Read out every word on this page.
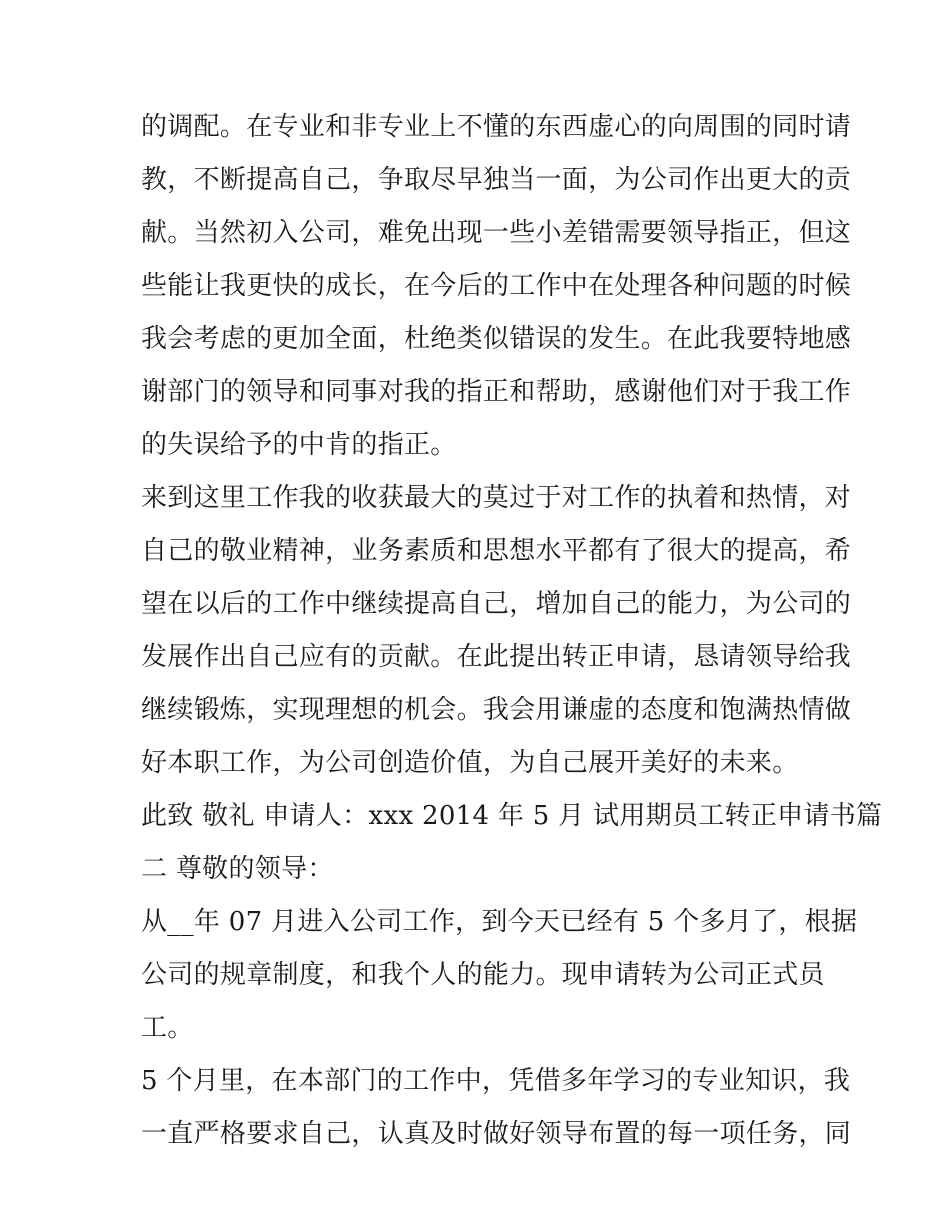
的调配。在专业和非专业上不懂的东西虚心的向周围的同时请
教，不断提高自己，争取尽早独当一面，为公司作出更大的贡
献。当然初入公司，难免出现一些小差错需要领导指正，但这
些能让我更快的成长，在今后的工作中在处理各种问题的时候
我会考虑的更加全面，杜绝类似错误的发生。在此我要特地感
谢部门的领导和同事对我的指正和帮助，感谢他们对于我工作
的失误给予的中肯的指正。
来到这里工作我的收获最大的莫过于对工作的执着和热情，对
自己的敬业精神，业务素质和思想水平都有了很大的提高，希
望在以后的工作中继续提高自己，增加自己的能力，为公司的
发展作出自己应有的贡献。在此提出转正申请，恳请领导给我
继续锻炼，实现理想的机会。我会用谦虚的态度和饱满热情做
好本职工作，为公司创造价值，为自己展开美好的未来。
此致 敬礼 申请人：xxx 2014 年 5 月 试用期员工转正申请书篇
二 尊敬的领导：
从__年 07 月进入公司工作，到今天已经有 5 个多月了，根据
公司的规章制度，和我个人的能力。现申请转为公司正式员
工。
5 个月里，在本部门的工作中，凭借多年学习的专业知识，我
一直严格要求自己，认真及时做好领导布置的每一项任务，同
